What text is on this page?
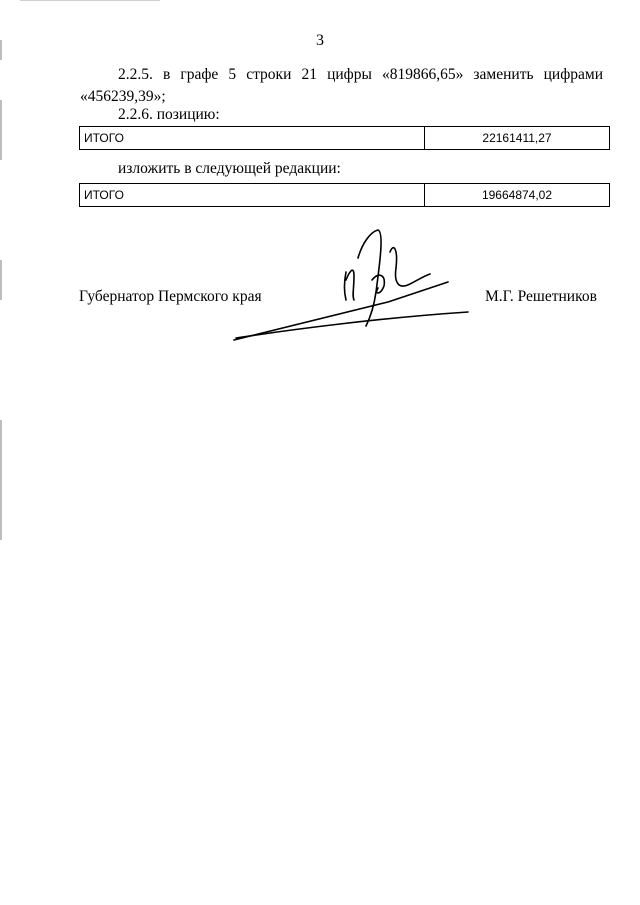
3
2.2.5. в графе 5 строки 21 цифры «819866,65» заменить цифрами
«456239,39»;
2.2.6. позицию:
ИТОГО	22161411,27
изложить в следующей редакции:
ИТОГО	19664874,02
Губернатор Пермского края	М.Г. Решетников
